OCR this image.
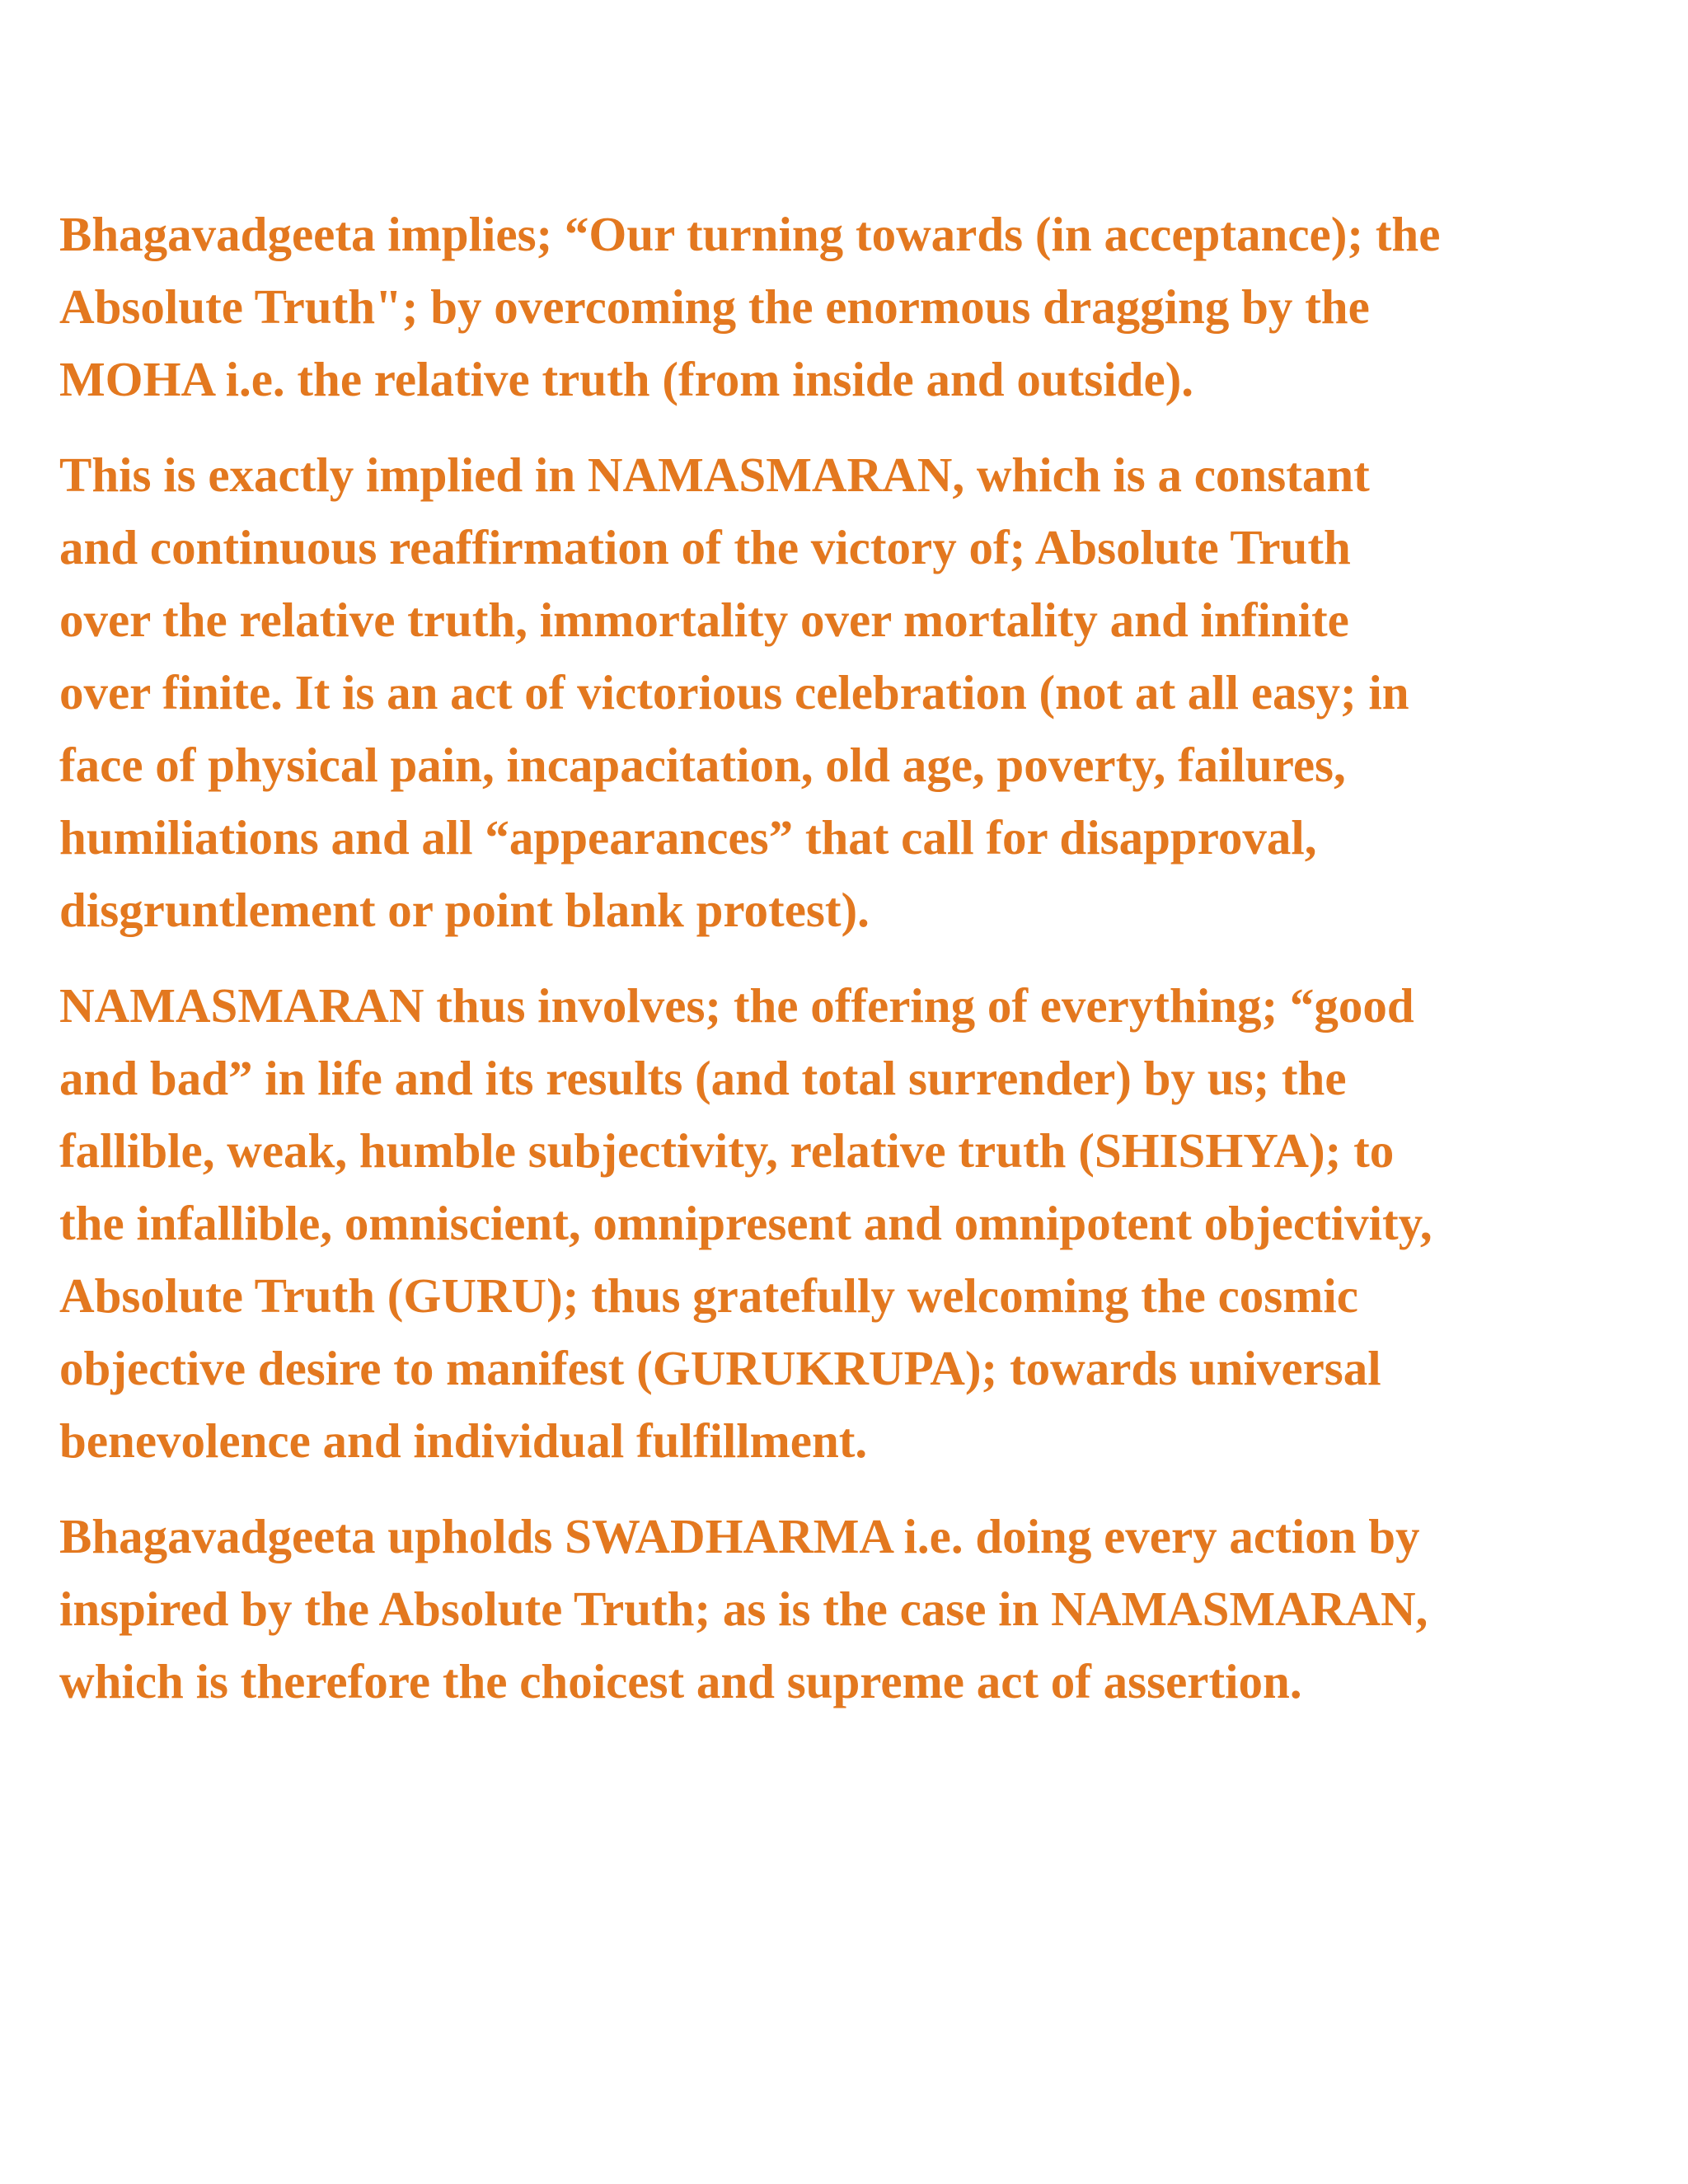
Bhagavadgeeta implies; “Our turning towards (in acceptance); the
Absolute Truth"; by overcoming the enormous dragging by the
MOHA i.e. the relative truth (from inside and outside).

This is exactly implied in NAMASMARAN, which is a constant
and continuous reaffirmation of the victory of; Absolute Truth
over the relative truth, immortality over mortality and infinite
over finite. It is an act of victorious celebration (not at all easy; in
face of physical pain, incapacitation, old age, poverty, failures,
humiliations and all “appearances” that call for disapproval,
disgruntlement or point blank protest).

NAMASMARAN thus involves; the offering of everything; “good
and bad” in life and its results (and total surrender) by us; the
fallible, weak, humble subjectivity, relative truth (SHISHYA); to
the infallible, omniscient, omnipresent and omnipotent objectivity,
Absolute Truth (GURU); thus gratefully welcoming the cosmic
objective desire to manifest (GURUKRUPA); towards universal
benevolence and individual fulfillment.

Bhagavadgeeta upholds SWADHARMA i.e. doing every action by
inspired by the Absolute Truth; as is the case in NAMASMARAN,
which is therefore the choicest and supreme act of assertion.
